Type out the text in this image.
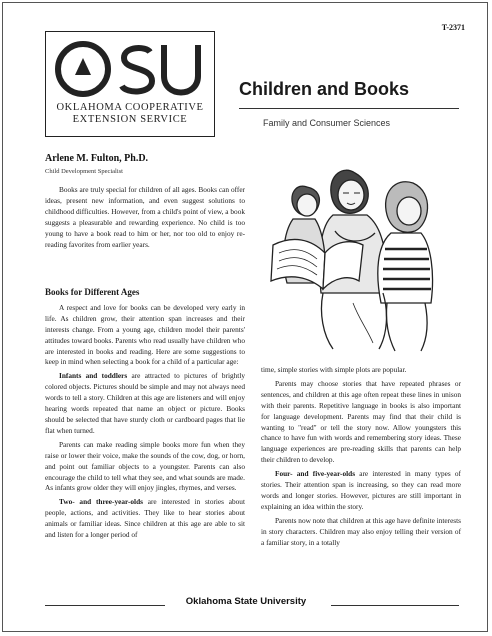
T-2371
OKLAHOMA COOPERATIVE
EXTENSION SERVICE
Children and Books
Family and Consumer Sciences
Arlene M. Fulton, Ph.D.
Child Development Specialist

Books are truly special for children of all ages. Books can offer ideas, present new information, and even suggest solutions to childhood difficulties. However, from a child's point of view, a book suggests a pleasurable and rewarding experience. No child is too young to have a book read to him or her, nor too old to enjoy re-reading favorites from earlier years.

Books for Different Ages

A respect and love for books can be developed very early in life. As children grow, their attention span increases and their interests change. From a young age, children model their parents' attitudes toward books. Parents who read usually have children who are interested in books and reading. Here are some suggestions to keep in mind when selecting a book for a child of a particular age:

Infants and toddlers are attracted to pictures of brightly colored objects. Pictures should be simple and may not always need words to tell a story. Children at this age are listeners and will enjoy hearing words repeated that name an object or picture. Books should be selected that have sturdy cloth or cardboard pages that lie flat when turned.

Parents can make reading simple books more fun when they raise or lower their voice, make the sounds of the cow, dog, or horn, and point out familiar objects to a youngster. Parents can also encourage the child to tell what they see, and what sounds are made. As infants grow older they will enjoy jingles, rhymes, and verses.

Two- and three-year-olds are interested in stories about people, actions, and activities. They like to hear stories about animals or familiar ideas. Since children at this age are able to sit and listen for a longer period of

time, simple stories with simple plots are popular.

Parents may choose stories that have repeated phrases or sentences, and children at this age often repeat these lines in unison with their parents. Repetitive language in books is also important for language development. Parents may find that their child is wanting to "read" or tell the story now. Allow youngsters this chance to have fun with words and remembering story ideas. These language experiences are pre-reading skills that parents can help their children to develop.

Four- and five-year-olds are interested in many types of stories. Their attention span is increasing, so they can read more words and longer stories. However, pictures are still important in explaining an idea within the story.

Parents now note that children at this age have definite interests in story characters. Children may also enjoy telling their version of a familiar story, in a totally

Oklahoma State University
